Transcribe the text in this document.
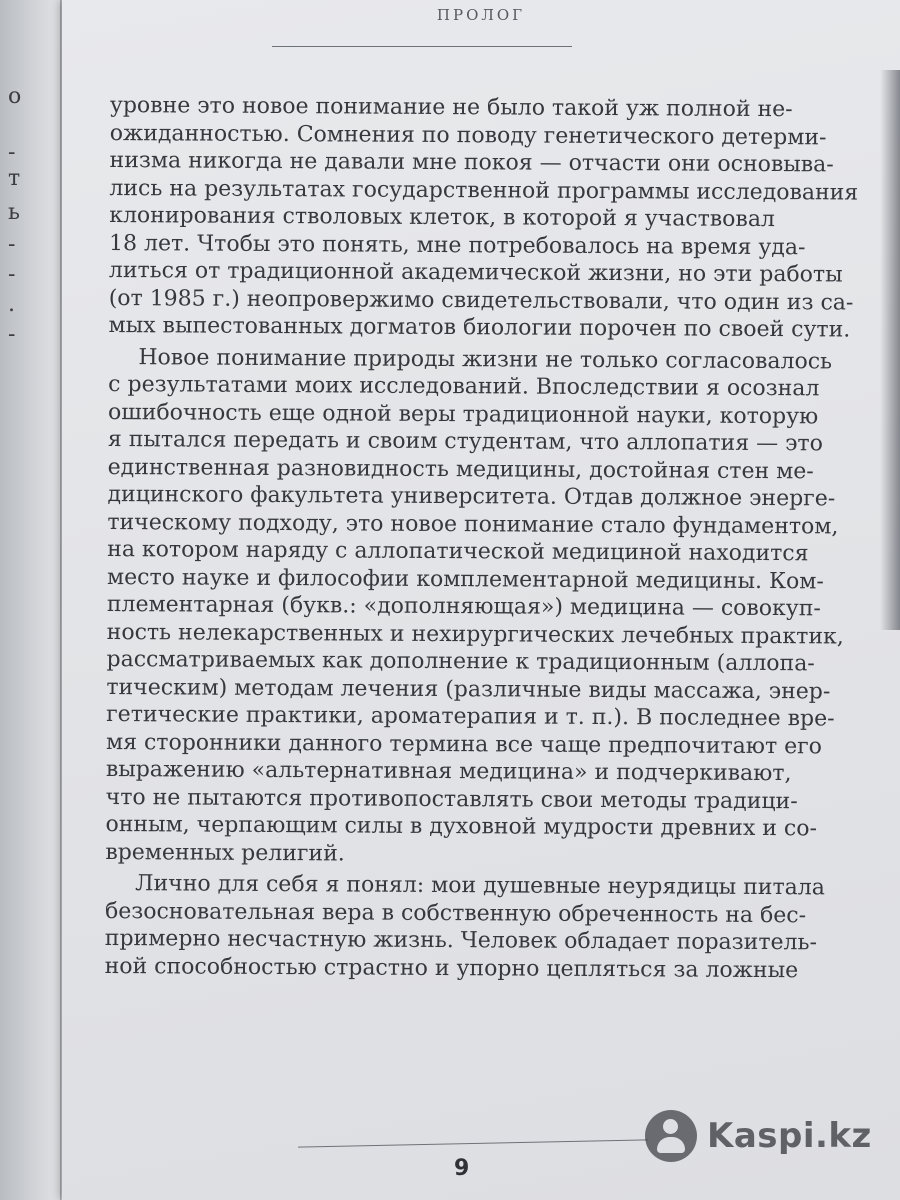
о
-
т
ь
-
-
.
-
ПРОЛОГ
уровне это новое понимание не было такой уж полной не-
ожиданностью. Сомнения по поводу генетического детерми-
низма никогда не давали мне покоя — отчасти они основыва-
лись на результатах государственной программы исследования
клонирования стволовых клеток, в которой я участвовал
18 лет. Чтобы это понять, мне потребовалось на время уда-
литься от традиционной академической жизни, но эти работы
(от 1985 г.) неопровержимо свидетельствовали, что один из са-
мых выпестованных догматов биологии порочен по своей сути.
Новое понимание природы жизни не только согласовалось
с результатами моих исследований. Впоследствии я осознал
ошибочность еще одной веры традиционной науки, которую
я пытался передать и своим студентам, что аллопатия — это
единственная разновидность медицины, достойная стен ме-
дицинского факультета университета. Отдав должное энерге-
тическому подходу, это новое понимание стало фундаментом,
на котором наряду с аллопатической медициной находится
место науке и философии комплементарной медицины. Ком-
плементарная (букв.: «дополняющая») медицина — совокуп-
ность нелекарственных и нехирургических лечебных практик,
рассматриваемых как дополнение к традиционным (аллопа-
тическим) методам лечения (различные виды массажа, энер-
гетические практики, ароматерапия и т. п.). В последнее вре-
мя сторонники данного термина все чаще предпочитают его
выражению «альтернативная медицина» и подчеркивают,
что не пытаются противопоставлять свои методы традици-
онным, черпающим силы в духовной мудрости древних и со-
временных религий.
Лично для себя я понял: мои душевные неурядицы питала
безосновательная вера в собственную обреченность на бес-
примерно несчастную жизнь. Человек обладает поразитель-
ной способностью страстно и упорно цепляться за ложные
9
Kaspi.kz
